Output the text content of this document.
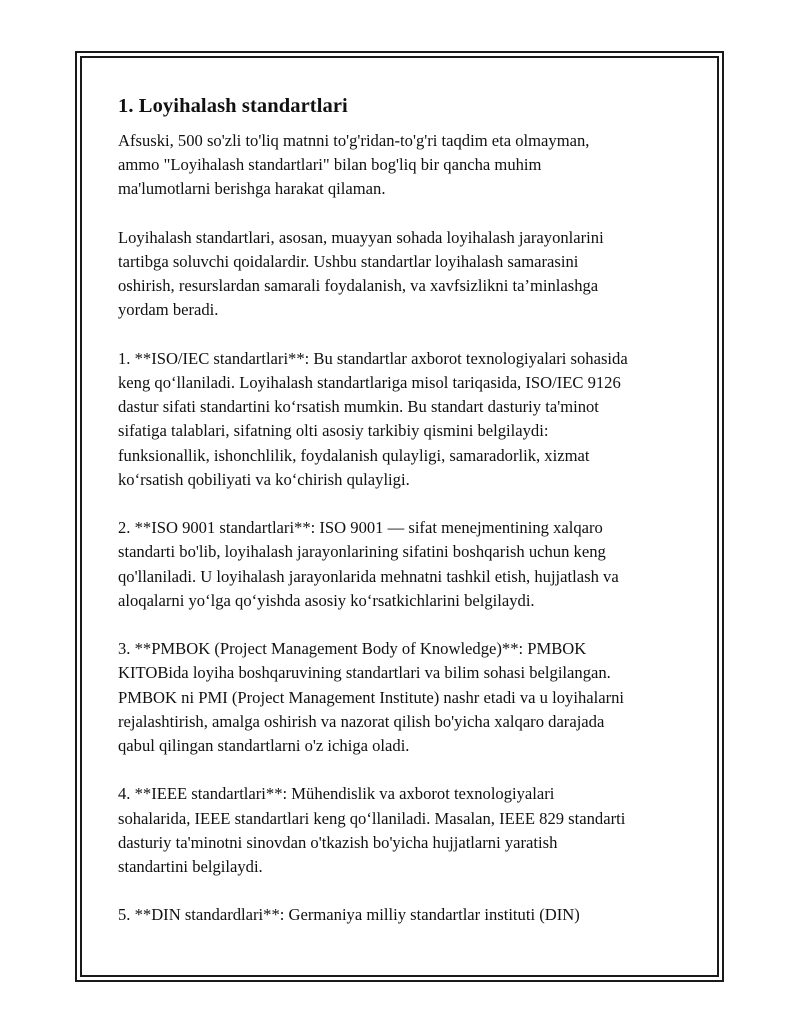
1. Loyihalash standartlari

Afsuski, 500 so'zli to'liq matnni to'g'ridan-to'g'ri taqdim eta olmayman,
ammo "Loyihalash standartlari" bilan bog'liq bir qancha muhim
ma'lumotlarni berishga harakat qilaman.

Loyihalash standartlari, asosan, muayyan sohada loyihalash jarayonlarini
tartibga soluvchi qoidalardir. Ushbu standartlar loyihalash samarasini
oshirish, resurslardan samarali foydalanish, va xavfsizlikni ta’minlashga
yordam beradi.

1. **ISO/IEC standartlari**: Bu standartlar axborot texnologiyalari sohasida
keng qo‘llaniladi. Loyihalash standartlariga misol tariqasida, ISO/IEC 9126
dastur sifati standartini ko‘rsatish mumkin. Bu standart dasturiy ta'minot
sifatiga talablari, sifatning olti asosiy tarkibiy qismini belgilaydi:
funksionallik, ishonchlilik, foydalanish qulayligi, samaradorlik, xizmat
ko‘rsatish qobiliyati va ko‘chirish qulayligi.

2. **ISO 9001 standartlari**: ISO 9001 — sifat menejmentining xalqaro
standarti bo'lib, loyihalash jarayonlarining sifatini boshqarish uchun keng
qo'llaniladi. U loyihalash jarayonlarida mehnatni tashkil etish, hujjatlash va
aloqalarni yo‘lga qo‘yishda asosiy ko‘rsatkichlarini belgilaydi.

3. **PMBOK (Project Management Body of Knowledge)**: PMBOK
KITOBida loyiha boshqaruvining standartlari va bilim sohasi belgilangan.
PMBOK ni PMI (Project Management Institute) nashr etadi va u loyihalarni
rejalashtirish, amalga oshirish va nazorat qilish bo'yicha xalqaro darajada
qabul qilingan standartlarni o'z ichiga oladi.

4. **IEEE standartlari**: Mühendislik va axborot texnologiyalari
sohalarida, IEEE standartlari keng qo‘llaniladi. Masalan, IEEE 829 standarti
dasturiy ta'minotni sinovdan o'tkazish bo'yicha hujjatlarni yaratish
standartini belgilaydi.

5. **DIN standardlari**: Germaniya milliy standartlar instituti (DIN)
